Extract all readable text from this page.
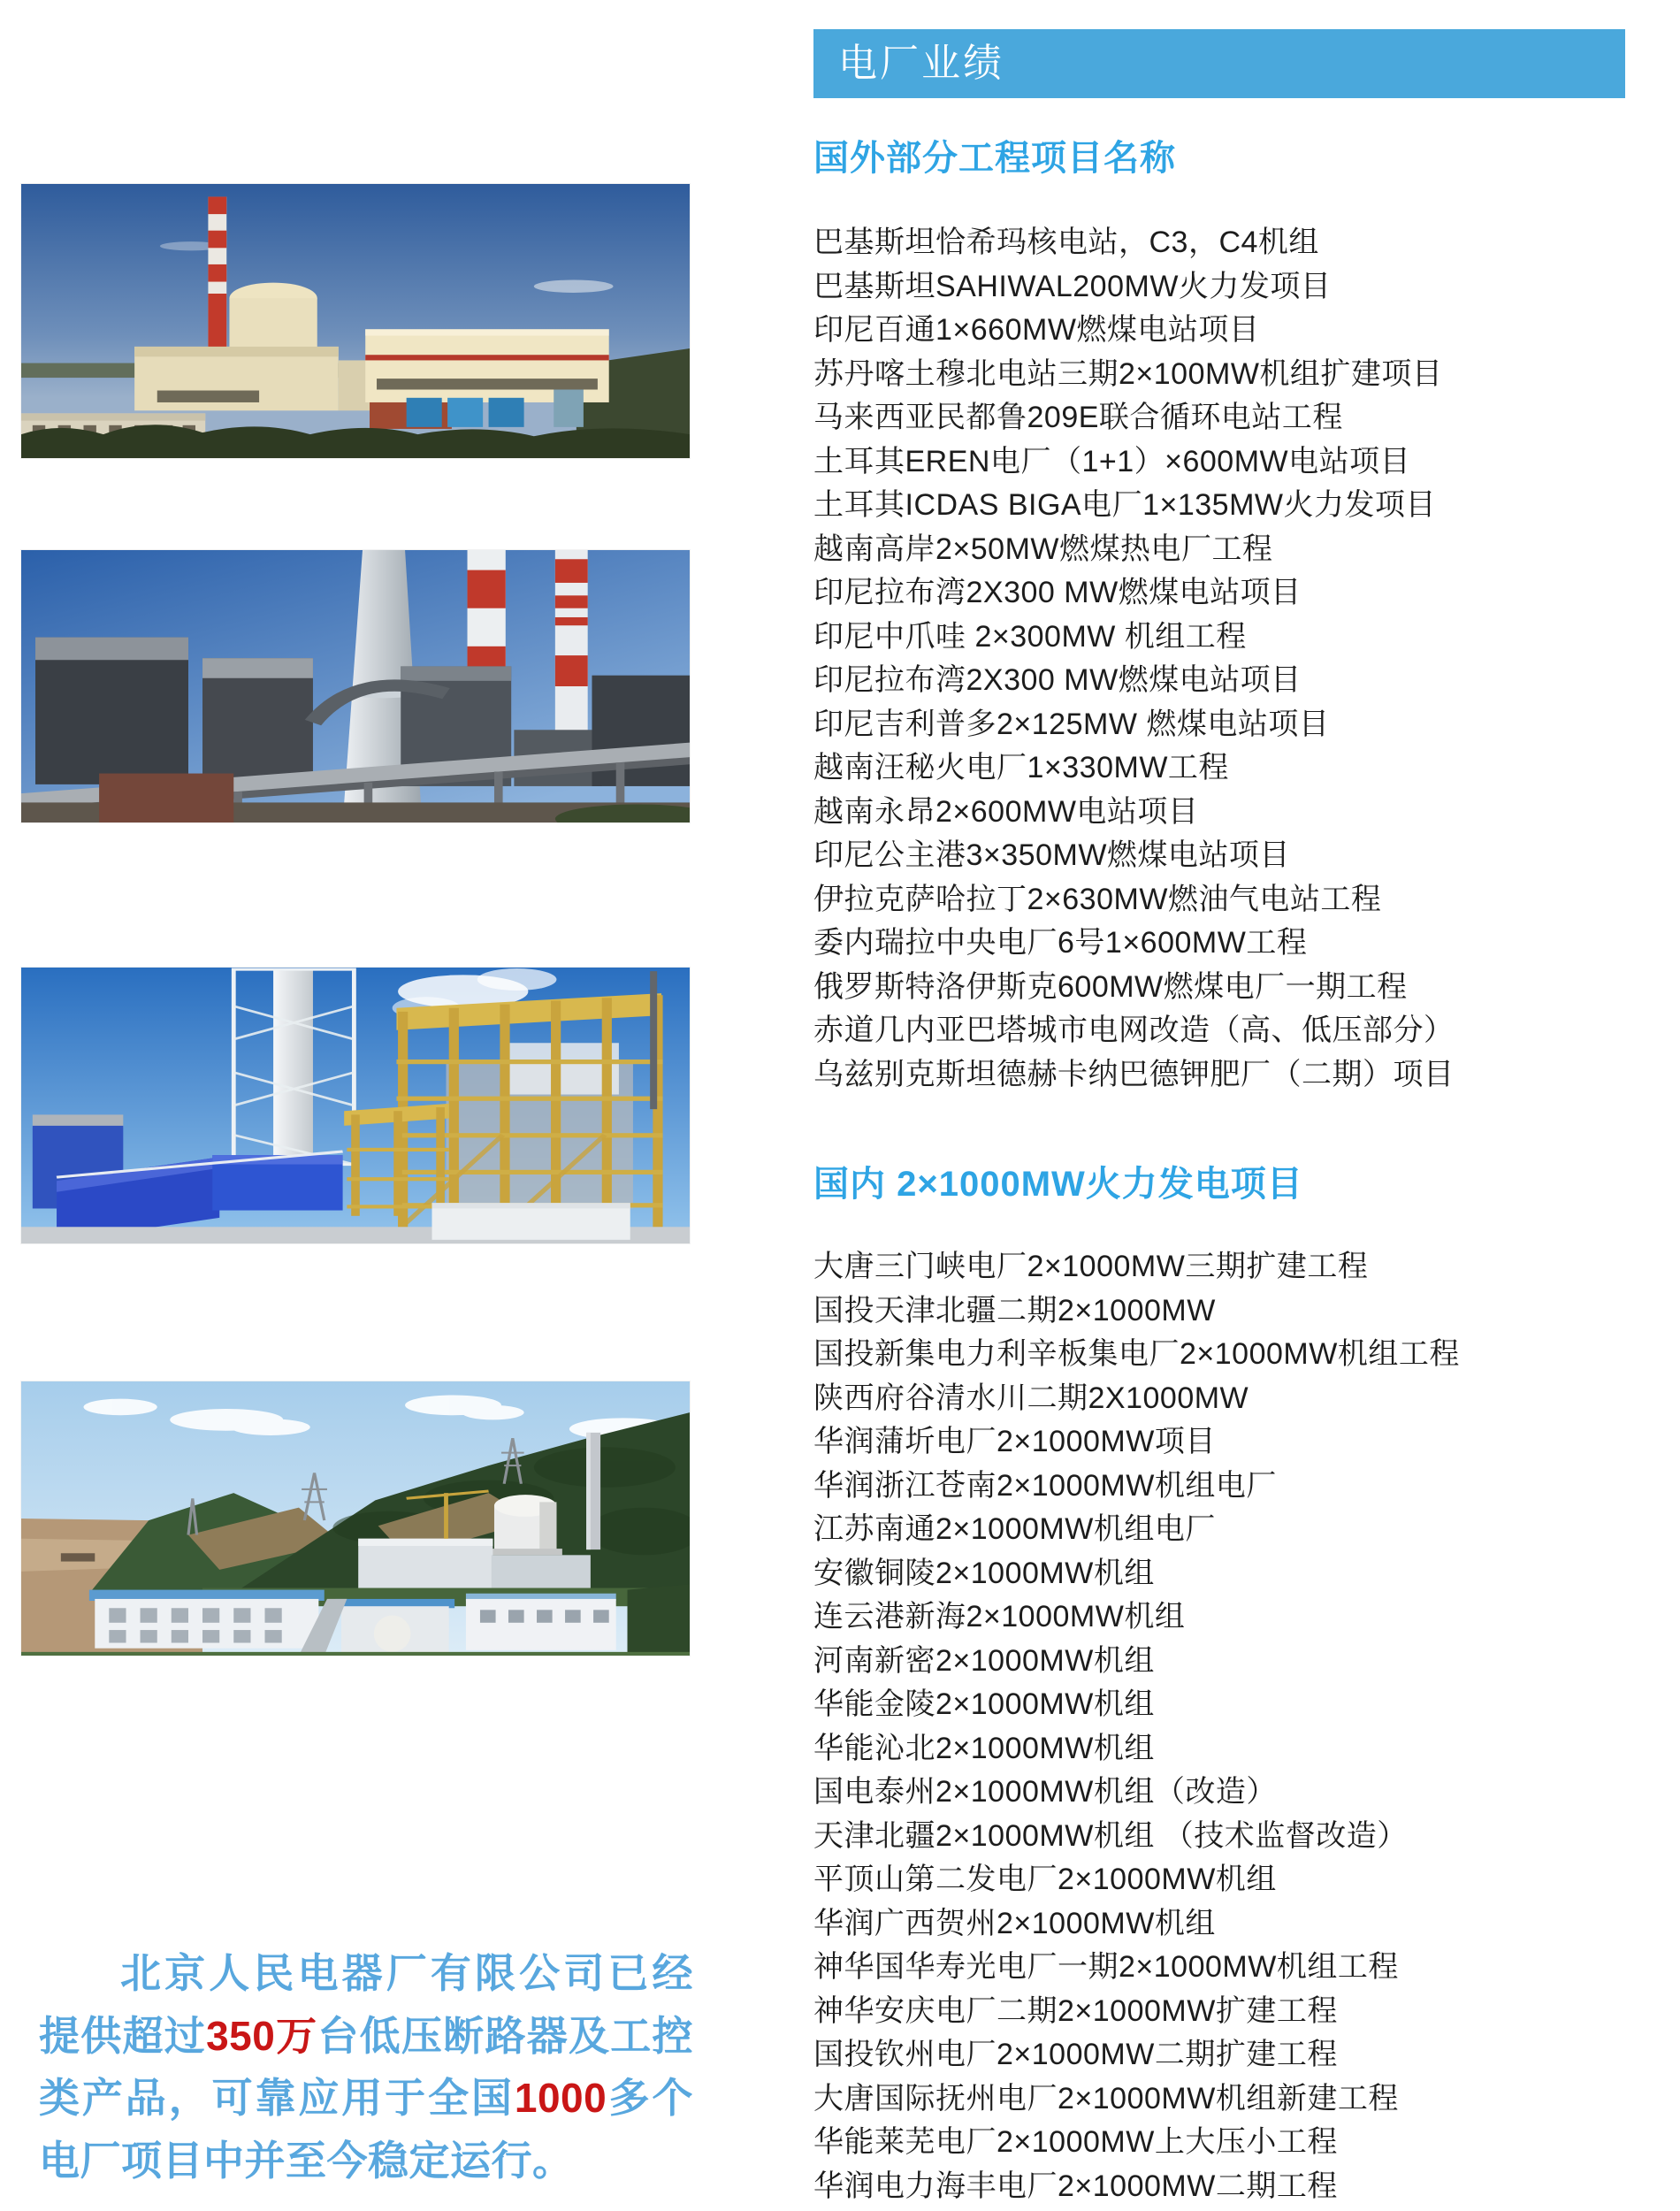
电厂业绩
国外部分工程项目名称
巴基斯坦恰希玛核电站，C3，C4机组
巴基斯坦SAHIWAL200MW火力发项目
印尼百通1×660MW燃煤电站项目
苏丹喀土穆北电站三期2×100MW机组扩建项目
马来西亚民都鲁209E联合循环电站工程
土耳其EREN电厂（1+1）×600MW电站项目
土耳其ICDAS BIGA电厂1×135MW火力发项目
越南高岸2×50MW燃煤热电厂工程
印尼拉布湾2X300 MW燃煤电站项目
印尼中爪哇 2×300MW 机组工程
印尼拉布湾2X300 MW燃煤电站项目
印尼吉利普多2×125MW 燃煤电站项目
越南汪秘火电厂1×330MW工程
越南永昂2×600MW电站项目
印尼公主港3×350MW燃煤电站项目
伊拉克萨哈拉丁2×630MW燃油气电站工程
委内瑞拉中央电厂6号1×600MW工程
俄罗斯特洛伊斯克600MW燃煤电厂一期工程
赤道几内亚巴塔城市电网改造（高、低压部分）
乌兹别克斯坦德赫卡纳巴德钾肥厂（二期）项目
国内 2×1000MW火力发电项目
大唐三门峡电厂2×1000MW三期扩建工程
国投天津北疆二期2×1000MW
国投新集电力利辛板集电厂2×1000MW机组工程
陕西府谷清水川二期2X1000MW
华润蒲圻电厂2×1000MW项目
华润浙江苍南2×1000MW机组电厂
江苏南通2×1000MW机组电厂
安徽铜陵2×1000MW机组
连云港新海2×1000MW机组
河南新密2×1000MW机组
华能金陵2×1000MW机组
华能沁北2×1000MW机组
国电泰州2×1000MW机组（改造）
天津北疆2×1000MW机组 （技术监督改造）
平顶山第二发电厂2×1000MW机组
华润广西贺州2×1000MW机组
神华国华寿光电厂一期2×1000MW机组工程
神华安庆电厂二期2×1000MW扩建工程
国投钦州电厂2×1000MW二期扩建工程
大唐国际抚州电厂2×1000MW机组新建工程
华能莱芜电厂2×1000MW上大压小工程
华润电力海丰电厂2×1000MW二期工程

北京人民电器厂有限公司已经提供超过350万台低压断路器及工控类产品，可靠应用于全国1000多个电厂项目中并至今稳定运行。
